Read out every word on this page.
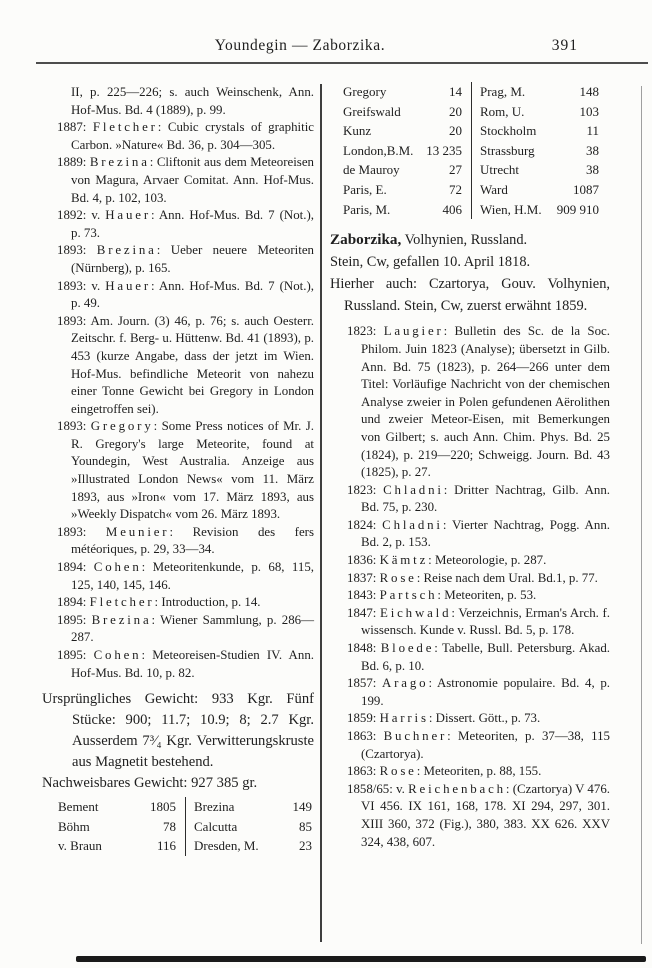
Youndegin — Zaborzika.	391

II, p. 225—226; s. auch Weinschenk, Ann. Hof-Mus. Bd. 4 (1889), p. 99.

1887: Fletcher: Cubic crystals of graphitic Carbon. »Nature« Bd. 36, p. 304—305.

1889: Brezina: Cliftonit aus dem Meteoreisen von Magura, Arvaer Comitat. Ann. Hof-Mus. Bd. 4, p. 102, 103.

1892: v. Hauer: Ann. Hof-Mus. Bd. 7 (Not.), p. 73.

1893: Brezina: Ueber neuere Meteoriten (Nürnberg), p. 165.

1893: v. Hauer: Ann. Hof-Mus. Bd. 7 (Not.), p. 49.

1893: Am. Journ. (3) 46, p. 76; s. auch Oesterr. Zeitschr. f. Berg- u. Hüttenw. Bd. 41 (1893), p. 453 (kurze Angabe, dass der jetzt im Wien. Hof-Mus. befindliche Meteorit von nahezu einer Tonne Gewicht bei Gregory in London eingetroffen sei).

1893: Gregory: Some Press notices of Mr. J. R. Gregory's large Meteorite, found at Youndegin, West Australia. Anzeige aus »Illustrated London News« vom 11. März 1893, aus »Iron« vom 17. März 1893, aus »Weekly Dispatch« vom 26. März 1893.

1893: Meunier: Revision des fers météoriques, p. 29, 33—34.

1894: Cohen: Meteoritenkunde, p. 68, 115, 125, 140, 145, 146.

1894: Fletcher: Introduction, p. 14.

1895: Brezina: Wiener Sammlung, p. 286—287.

1895: Cohen: Meteoreisen-Studien IV. Ann. Hof-Mus. Bd. 10, p. 82.

Ursprüngliches Gewicht: 933 Kgr. Fünf Stücke: 900; 11.7; 10.9; 8; 2.7 Kgr. Ausserdem 7³⁄₄ Kgr. Verwitterungskruste aus Magnetit bestehend.

Nachweisbares Gewicht: 927 385 gr.

Bement	1805 Brezina	149
Böhm	78 Calcutta	85
v. Braun	116 Dresden, M.	23
Gregory	14 Prag, M.	148
Greifswald	20 Rom, U.	103
Kunz	20 Stockholm	11
London,B.M. 13 235 Strassburg	38
de Mauroy	27 Utrecht	38
Paris, E.	72 Ward	1087
Paris, M.	406 Wien, H.M. 909 910

Zaborzika, Volhynien, Russland.

Stein, Cw, gefallen 10. April 1818.

Hierher auch: Czartorya, Gouv. Volhynien, Russland. Stein, Cw, zuerst erwähnt 1859.

1823: Laugier: Bulletin des Sc. de la Soc. Philom. Juin 1823 (Analyse); übersetzt in Gilb. Ann. Bd. 75 (1823), p. 264—266 unter dem Titel: Vorläufige Nachricht von der chemischen Analyse zweier in Polen gefundenen Aërolithen und zweier Meteor-Eisen, mit Bemerkungen von Gilbert; s. auch Ann. Chim. Phys. Bd. 25 (1824), p. 219—220; Schweigg. Journ. Bd. 43 (1825), p. 27.

1823: Chladni: Dritter Nachtrag, Gilb. Ann. Bd. 75, p. 230.

1824: Chladni: Vierter Nachtrag, Pogg. Ann. Bd. 2, p. 153.

1836: Kämtz: Meteorologie, p. 287.

1837: Rose: Reise nach dem Ural. Bd.1, p. 77.

1843: Partsch: Meteoriten, p. 53.

1847: Eichwald: Verzeichnis, Erman's Arch. f. wissensch. Kunde v. Russl. Bd. 5, p. 178.

1848: Bloede: Tabelle, Bull. Petersburg. Akad. Bd. 6, p. 10.

1857: Arago: Astronomie populaire. Bd. 4, p. 199.

1859: Harris: Dissert. Gött., p. 73.

1863: Buchner: Meteoriten, p. 37—38, 115 (Czartorya).

1863: Rose: Meteoriten, p. 88, 155.

1858/65: v. Reichenbach: (Czartorya) V 476. VI 456. IX 161, 168, 178. XI 294, 297, 301. XIII 360, 372 (Fig.), 380, 383. XX 626. XXV 324, 438, 607.
